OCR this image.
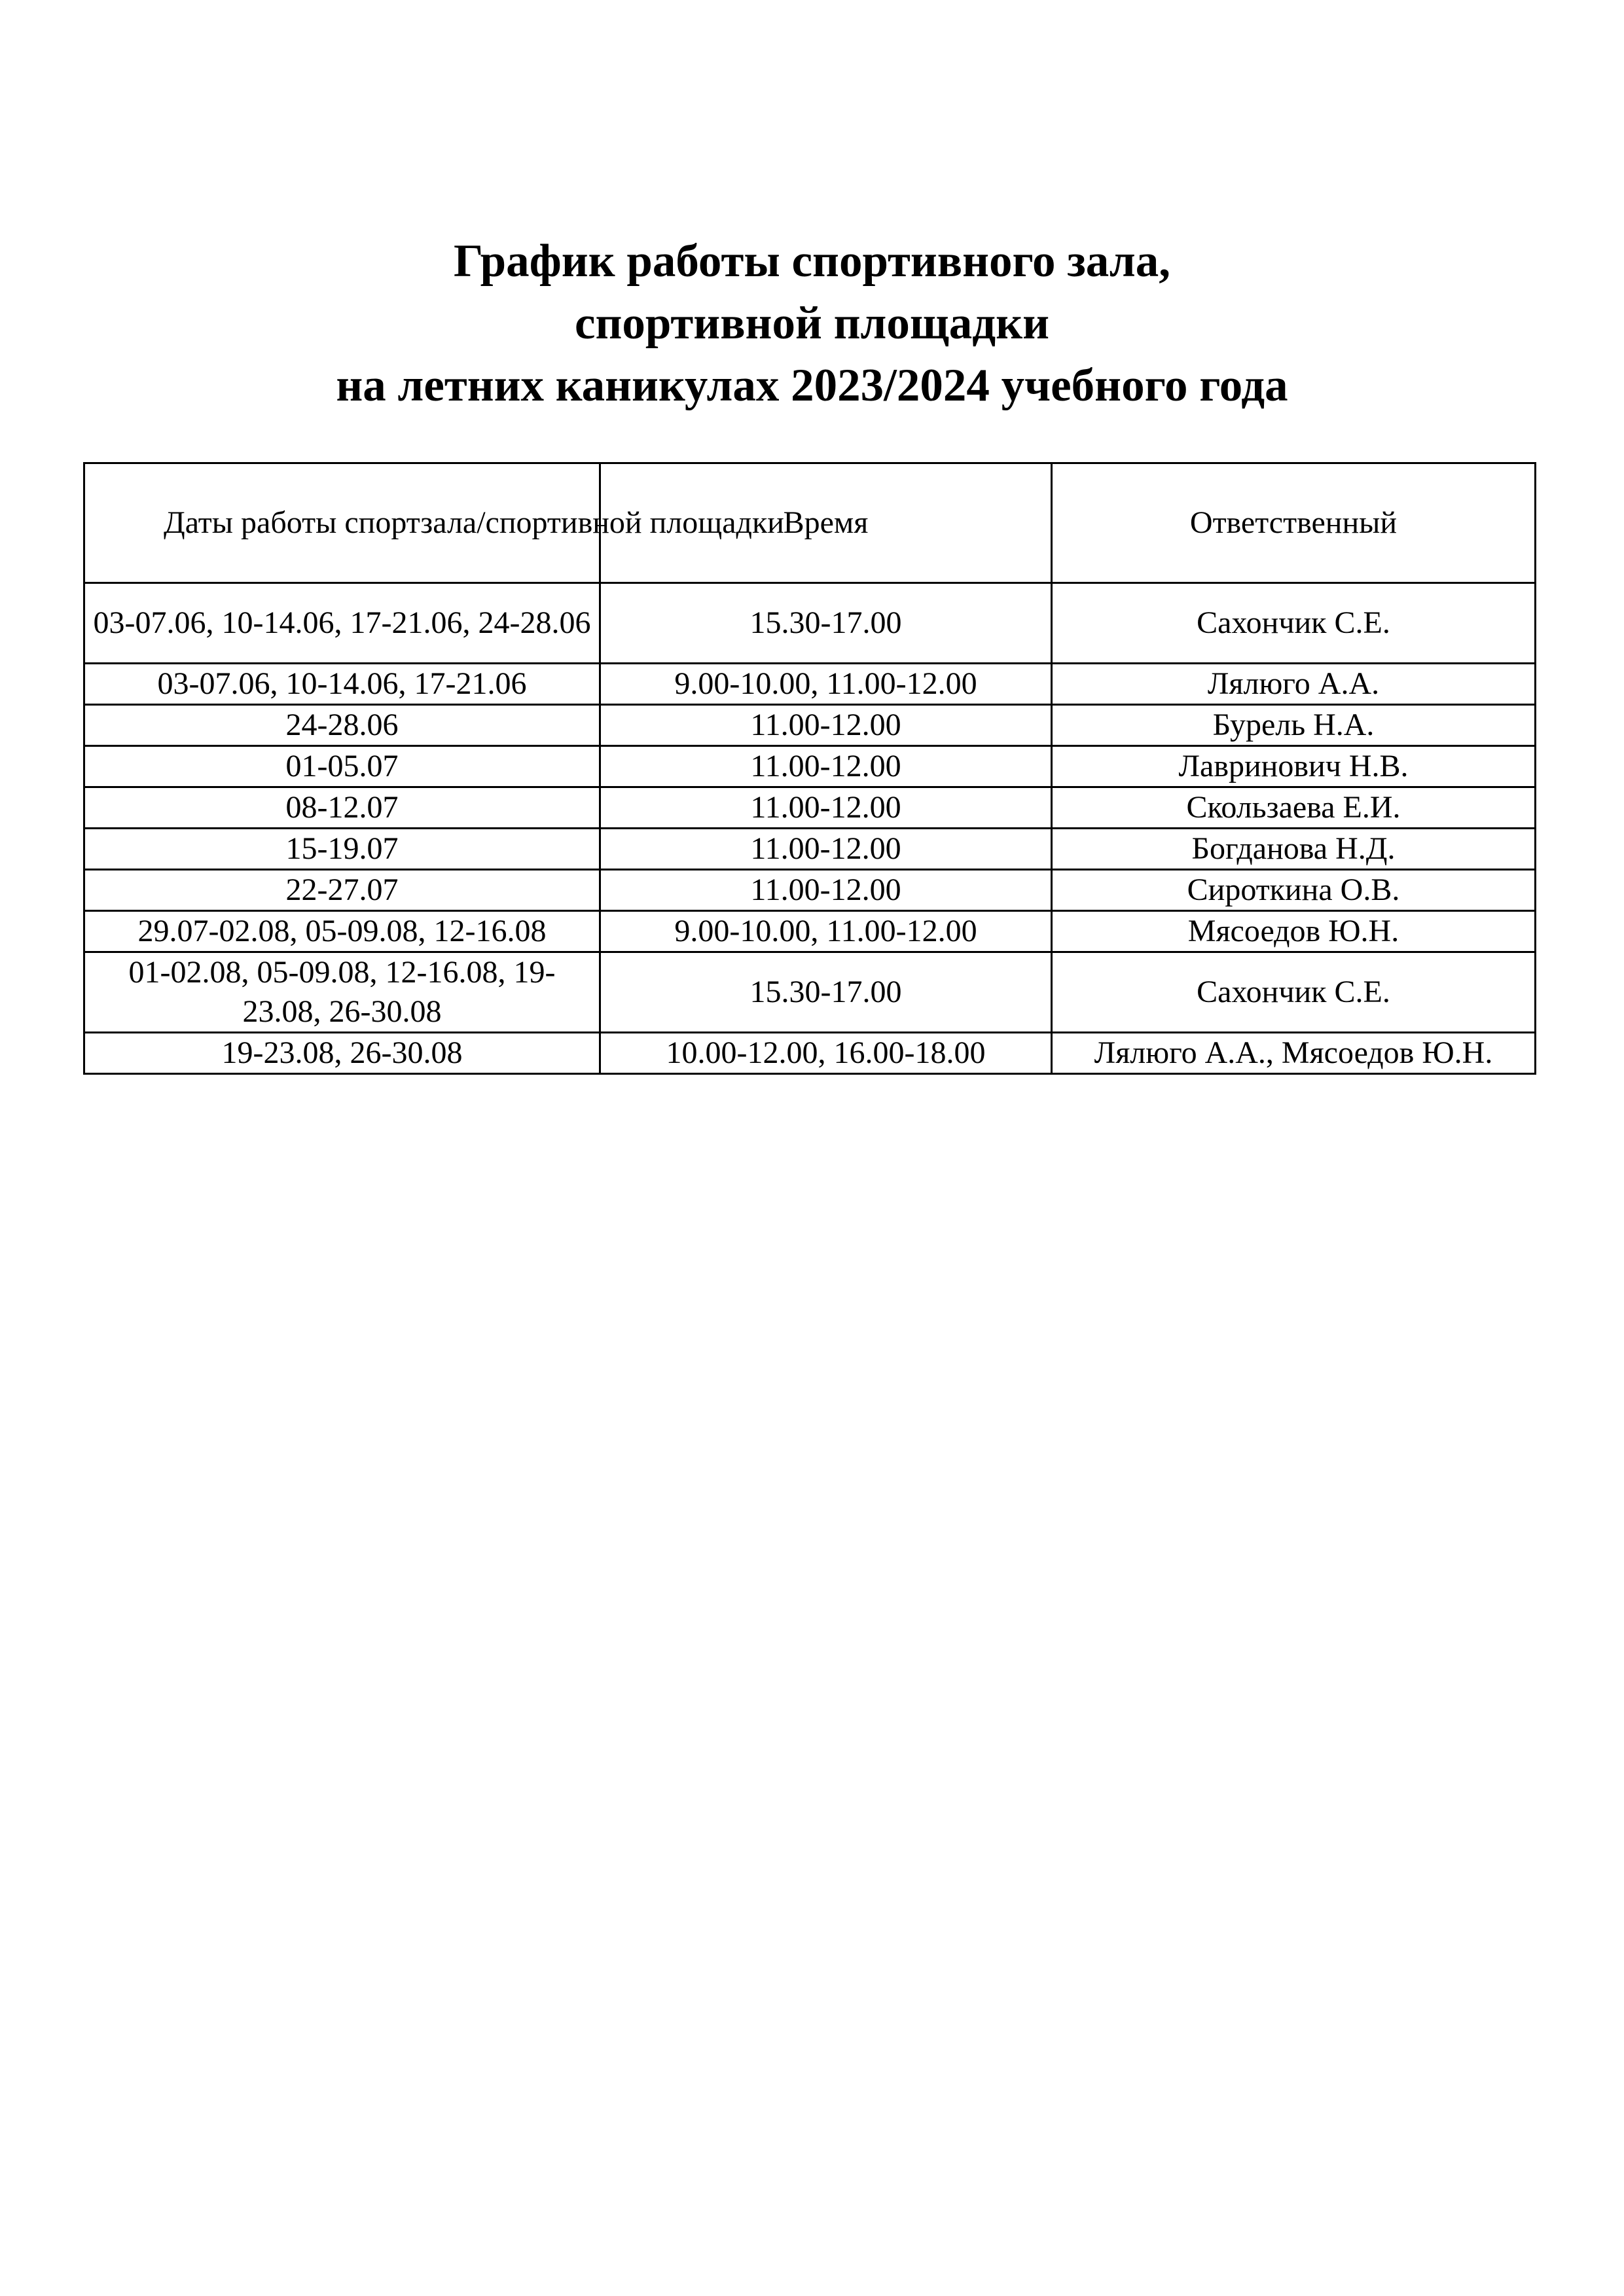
График работы спортивного зала,
спортивной площадки
на летних каникулах 2023/2024 учебного года
Даты работы спортзала/спортивной площадки	Время	Ответственный
03-07.06, 10-14.06, 17-21.06, 24-28.06	15.30-17.00	Сахончик С.Е.
03-07.06, 10-14.06, 17-21.06	9.00-10.00, 11.00-12.00	Лялюго А.А.
24-28.06	11.00-12.00	Бурель Н.А.
01-05.07	11.00-12.00	Лавринович Н.В.
08-12.07	11.00-12.00	Скользаева Е.И.
15-19.07	11.00-12.00	Богданова Н.Д.
22-27.07	11.00-12.00	Сироткина О.В.
29.07-02.08, 05-09.08, 12-16.08	9.00-10.00, 11.00-12.00	Мясоедов Ю.Н.
01-02.08, 05-09.08, 12-16.08, 19-23.08, 26-30.08	15.30-17.00	Сахончик С.Е.
19-23.08, 26-30.08	10.00-12.00, 16.00-18.00	Лялюго А.А., Мясоедов Ю.Н.
